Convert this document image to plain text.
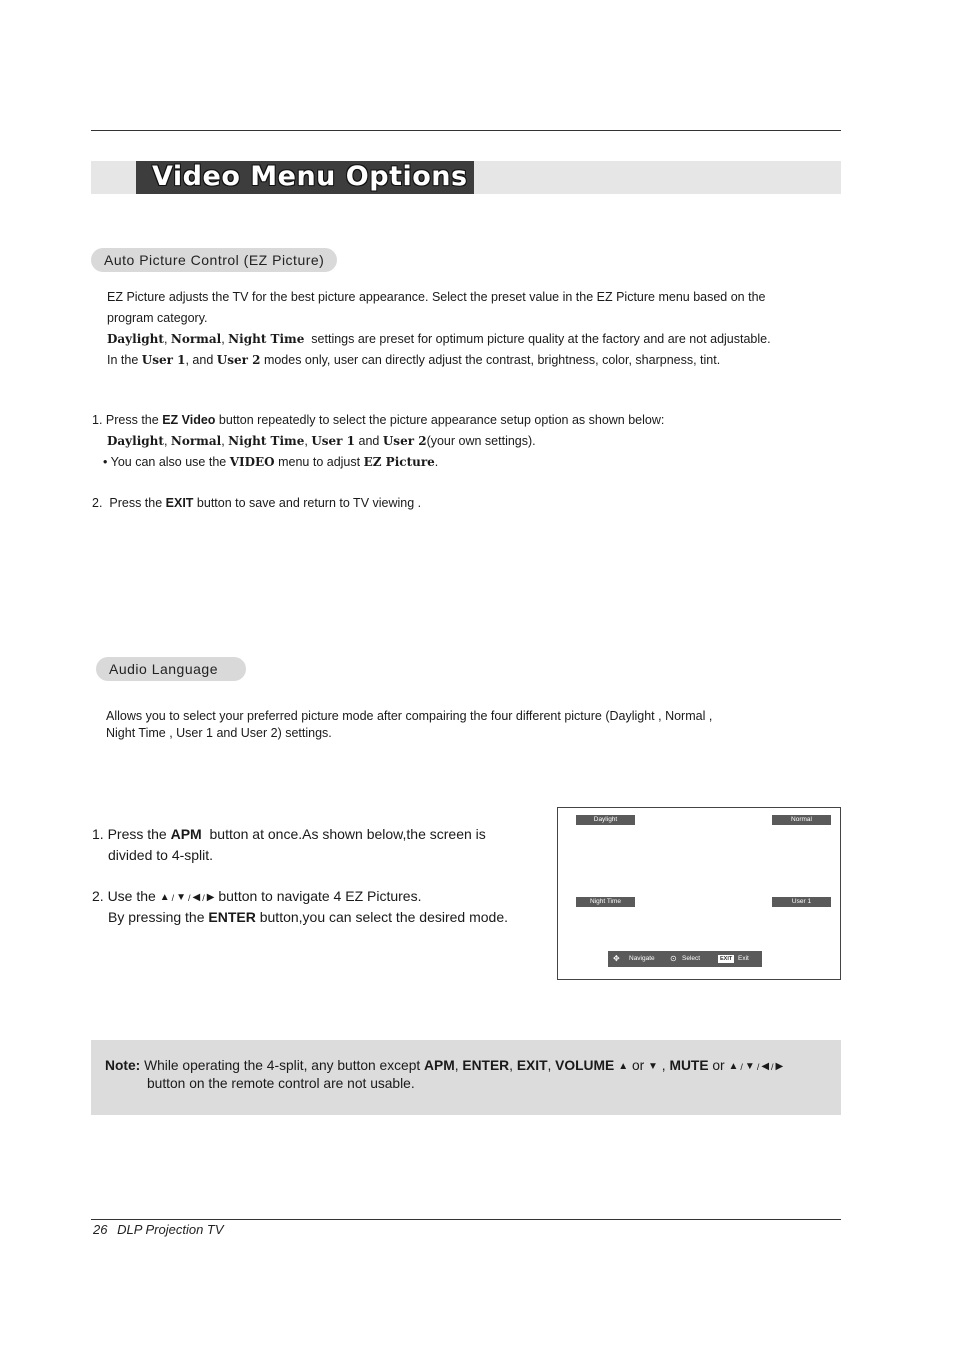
Video Menu Options
Auto Picture Control (EZ Picture)
EZ Picture adjusts the TV for the best picture appearance. Select the preset value in the EZ Picture menu based on the
program category.
Daylight, Normal, Night Time  settings are preset for optimum picture quality at the factory and are not adjustable.
In the User 1, and User 2 modes only, user can directly adjust the contrast, brightness, color, sharpness, tint.
1. Press the EZ Video button repeatedly to select the picture appearance setup option as shown below:
Daylight, Normal, Night Time, User 1 and User 2(your own settings).
• You can also use the VIDEO menu to adjust EZ Picture.
2.  Press the EXIT button to save and return to TV viewing .
Audio Language
Allows you to select your preferred picture mode after compairing the four different picture (Daylight , Normal ,
Night Time , User 1 and User 2) settings.
1. Press the APM  button at once.As shown below,the screen is
divided to 4-split.
2. Use the ▲ / ▼ / ◀ / ▶ button to navigate 4 EZ Pictures.
By pressing the ENTER button,you can select the desired mode.
Daylight	Normal
Night Time	User 1
✥ Navigate ⊙ Select	EXIT Exit
Note: While operating the 4-split, any button except APM, ENTER, EXIT, VOLUME ▲ or ▼ , MUTE or ▲ / ▼ / ◀ / ▶
button on the remote control are not usable.
26 DLP Projection TV
